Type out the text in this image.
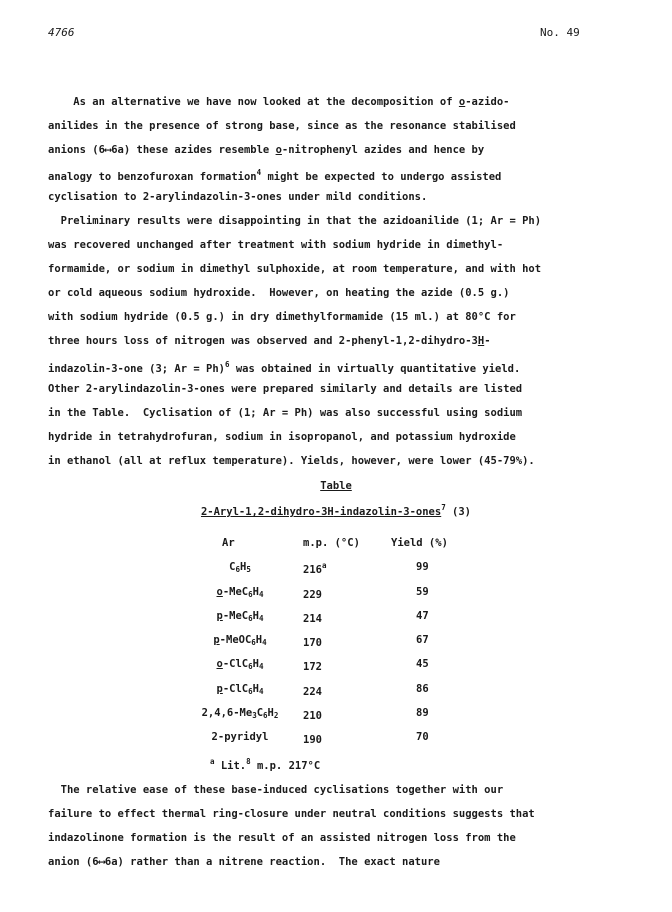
4766	No. 49
As an alternative we have now looked at the decomposition of o-azido-
anilides in the presence of strong base, since as the resonance stabilised
anions (6⟷6a) these azides resemble o-nitrophenyl azides and hence by
analogy to benzofuroxan formation$^4$ might be expected to undergo assisted
cyclisation to 2-arylindazolin-3-ones under mild conditions.
Preliminary results were disappointing in that the azidoanilide (1; Ar = Ph)
was recovered unchanged after treatment with sodium hydride in dimethyl-
formamide, or sodium in dimethyl sulphoxide, at room temperature, and with hot
or cold aqueous sodium hydroxide.  However, on heating the azide (0.5 g.)
with sodium hydride (0.5 g.) in dry dimethylformamide (15 ml.) at 80°C for
three hours loss of nitrogen was observed and 2-phenyl-1,2-dihydro-3H-
indazolin-3-one (3; Ar = Ph)$^6$ was obtained in virtually quantitative yield.
Other 2-arylindazolin-3-ones were prepared similarly and details are listed
in the Table.  Cyclisation of (1; Ar = Ph) was also successful using sodium
hydride in tetrahydrofuran, sodium in isopropanol, and potassium hydroxide
in ethanol (all at reflux temperature). Yields, however, were lower (45-79%).
Table
2-Aryl-1,2-dihydro-3H-indazolin-3-ones$^7$ (3)
Ar	m.p. (°C)	Yield (%)
$C_6H_5$	216$^a$	99
$o-MeC_6H_4$	229	59
$p-MeC_6H_4$	214	47
$p-MeOC_6H_4$	170	67
$o-ClC_6H_4$	172	45
$p-ClC_6H_4$	224	86
$2,4,6-Me_3C_6H_2$	210	89
2-pyridyl	190	70
$^a$ Lit.$^8$ m.p. 217°C
The relative ease of these base-induced cyclisations together with our
failure to effect thermal ring-closure under neutral conditions suggests that
indazolinone formation is the result of an assisted nitrogen loss from the
anion (6⟷6a) rather than a nitrene reaction.  The exact nature
